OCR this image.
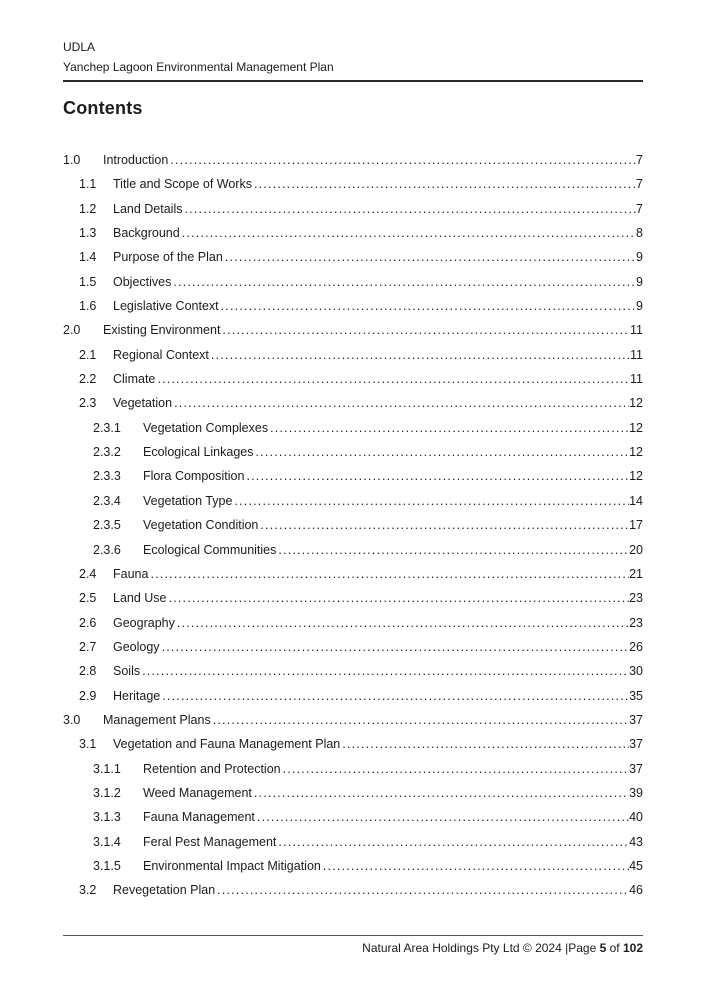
UDLA
Yanchep Lagoon Environmental Management Plan
Contents
1.0	Introduction .....	7
1.1	Title and Scope of Works .....	7
1.2	Land Details .....	7
1.3	Background .....	8
1.4	Purpose of the Plan .....	9
1.5	Objectives .....	9
1.6	Legislative Context .....	9
2.0	Existing Environment .....	11
2.1	Regional Context .....	11
2.2	Climate .....	11
2.3	Vegetation .....	12
2.3.1	Vegetation Complexes .....	12
2.3.2	Ecological Linkages .....	12
2.3.3	Flora Composition .....	12
2.3.4	Vegetation Type .....	14
2.3.5	Vegetation Condition .....	17
2.3.6	Ecological Communities .....	20
2.4	Fauna .....	21
2.5	Land Use .....	23
2.6	Geography .....	23
2.7	Geology .....	26
2.8	Soils .....	30
2.9	Heritage .....	35
3.0	Management Plans .....	37
3.1	Vegetation and Fauna Management Plan .....	37
3.1.1	Retention and Protection .....	37
3.1.2	Weed Management .....	39
3.1.3	Fauna Management .....	40
3.1.4	Feral Pest Management .....	43
3.1.5	Environmental Impact Mitigation .....	45
3.2	Revegetation Plan .....	46
Natural Area Holdings Pty Ltd © 2024 |Page 5 of 102
